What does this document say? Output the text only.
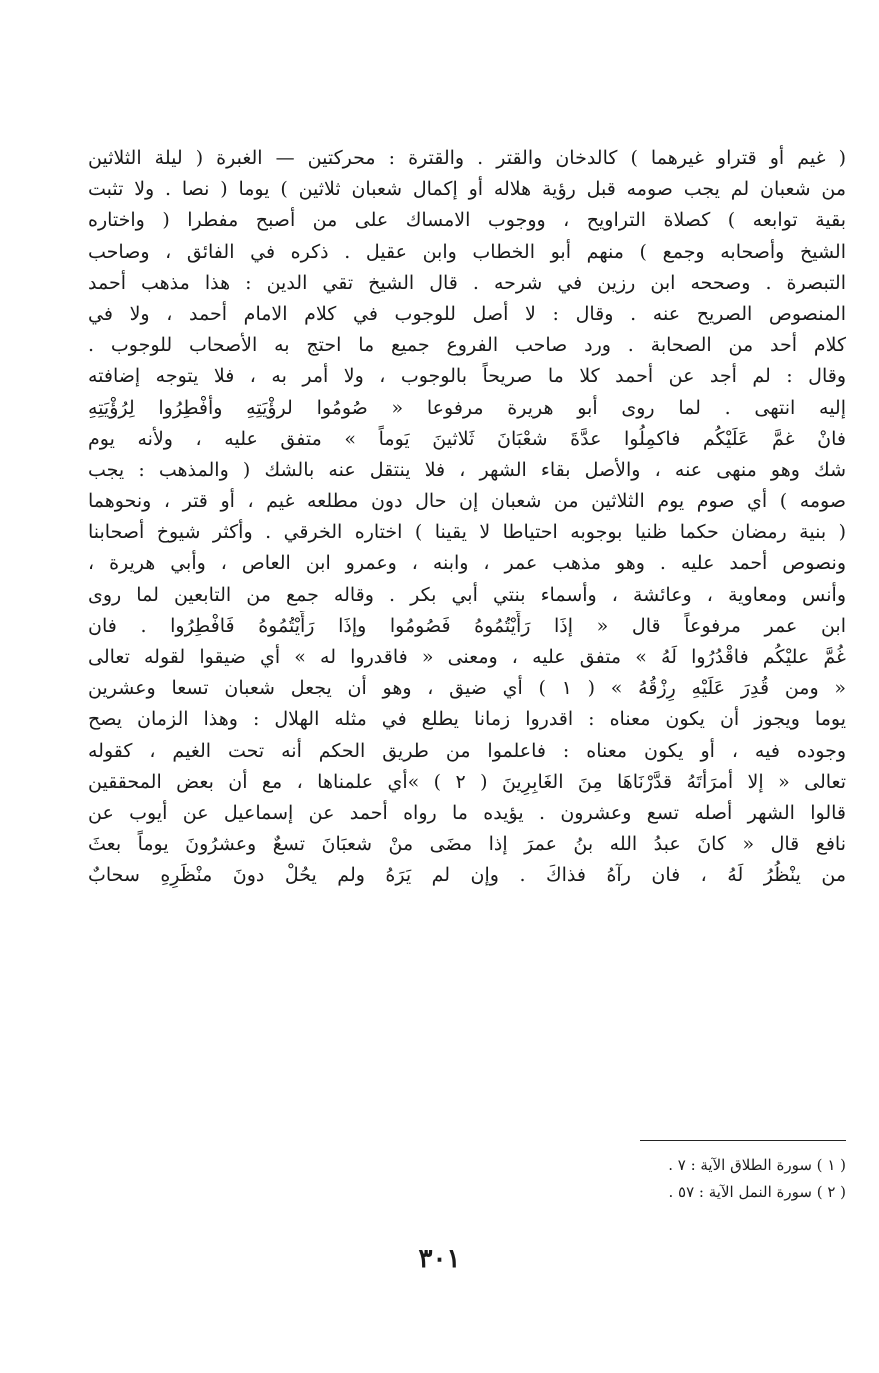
( غيم أو قتراو غيرهما ) كالدخان والقتر . والقترة : محركتين — الغبرة ( ليلة الثلاثين
من شعبان لم يجب صومه قبل رؤية هلاله أو إكمال شعبان ثلاثين ) يوما ( نصا . ولا تثبت
بقية توابعه ) كصلاة التراويح ، ووجوب الامساك على من أصبح مفطرا ( واختاره
الشيخ وأصحابه وجمع ) منهم أبو الخطاب وابن عقيل . ذكره في الفائق ، وصاحب
التبصرة . وصححه ابن رزين في شرحه . قال الشيخ تقي الدين : هذا مذهب أحمد
المنصوص الصريح عنه . وقال : لا أصل للوجوب في كلام الامام أحمد ، ولا في
كلام أحد من الصحابة . ورد صاحب الفروع جميع ما احتج به الأصحاب للوجوب .
وقال : لم أجد عن أحمد كلا ما صريحاً بالوجوب ، ولا أمر به ، فلا يتوجه إضافته
إليه انتهى . لما روى أبو هريرة مرفوعا « صُومُوا لرؤْيَتِهِ وأفْطِرُوا لِرُؤْيَتِهِ
فانْ غمَّ عَلَيْكُم فاكمِلُوا عدَّةَ شعْبَانَ ثَلاثينَ يَوماً » متفق عليه ، ولأنه يوم
شك وهو منهى عنه ، والأصل بقاء الشهر ، فلا ينتقل عنه بالشك ( والمذهب : يجب
صومه ) أي صوم يوم الثلاثين من شعبان إن حال دون مطلعه غيم ، أو قتر ، ونحوهما
( بنية رمضان حكما ظنيا بوجوبه احتياطا لا يقينا ) اختاره الخرقي . وأكثر شيوخ أصحابنا
ونصوص أحمد عليه . وهو مذهب عمر ، وابنه ، وعمرو ابن العاص ، وأبي هريرة ،
وأنس ومعاوية ، وعائشة ، وأسماء بنتي أبي بكر . وقاله جمع من التابعين لما روى
ابن عمر مرفوعاً قال « إذَا رَأَيْتُمُوهُ فَصُومُوا وإذَا رَأَيْتُمُوهُ فَافْطِرُوا . فان
غُمَّ عليْكُم فاقْدُرُوا لَهُ » متفق عليه ، ومعنى « فاقدروا له » أي ضيقوا لقوله تعالى
« ومن قُدِرَ عَلَيْهِ رِزْقُهُ » ( ١ ) أي ضيق ، وهو أن يجعل شعبان تسعا وعشرين
يوما ويجوز أن يكون معناه : اقدروا زمانا يطلع في مثله الهلال : وهذا الزمان يصح
وجوده فيه ، أو يكون معناه : فاعلموا من طريق الحكم أنه تحت الغيم ، كقوله
تعالى « إلا أمرَأتَهُ قدَّرْنَاهَا مِنَ الغَابِرِينَ ( ٢ ) »أي علمناها ، مع أن بعض المحققين
قالوا الشهر أصله تسع وعشرون . يؤيده ما رواه أحمد عن إسماعيل عن أيوب عن
نافع قال « كانَ عبدُ الله بنُ عمرَ إذا مضَى منْ شعبَانَ تسعٌ وعشرُونَ يوماً بعثَ
من ينْظُرُ لَهُ ، فان رآهُ فذاكَ . وإن لم يَرَهُ ولم يحُلْ دونَ منْظَرِهِ سحابٌ
( ١ ) سورة الطلاق الآية : ٧ .
( ٢ ) سورة النمل الآية : ٥٧ .
٣٠١
